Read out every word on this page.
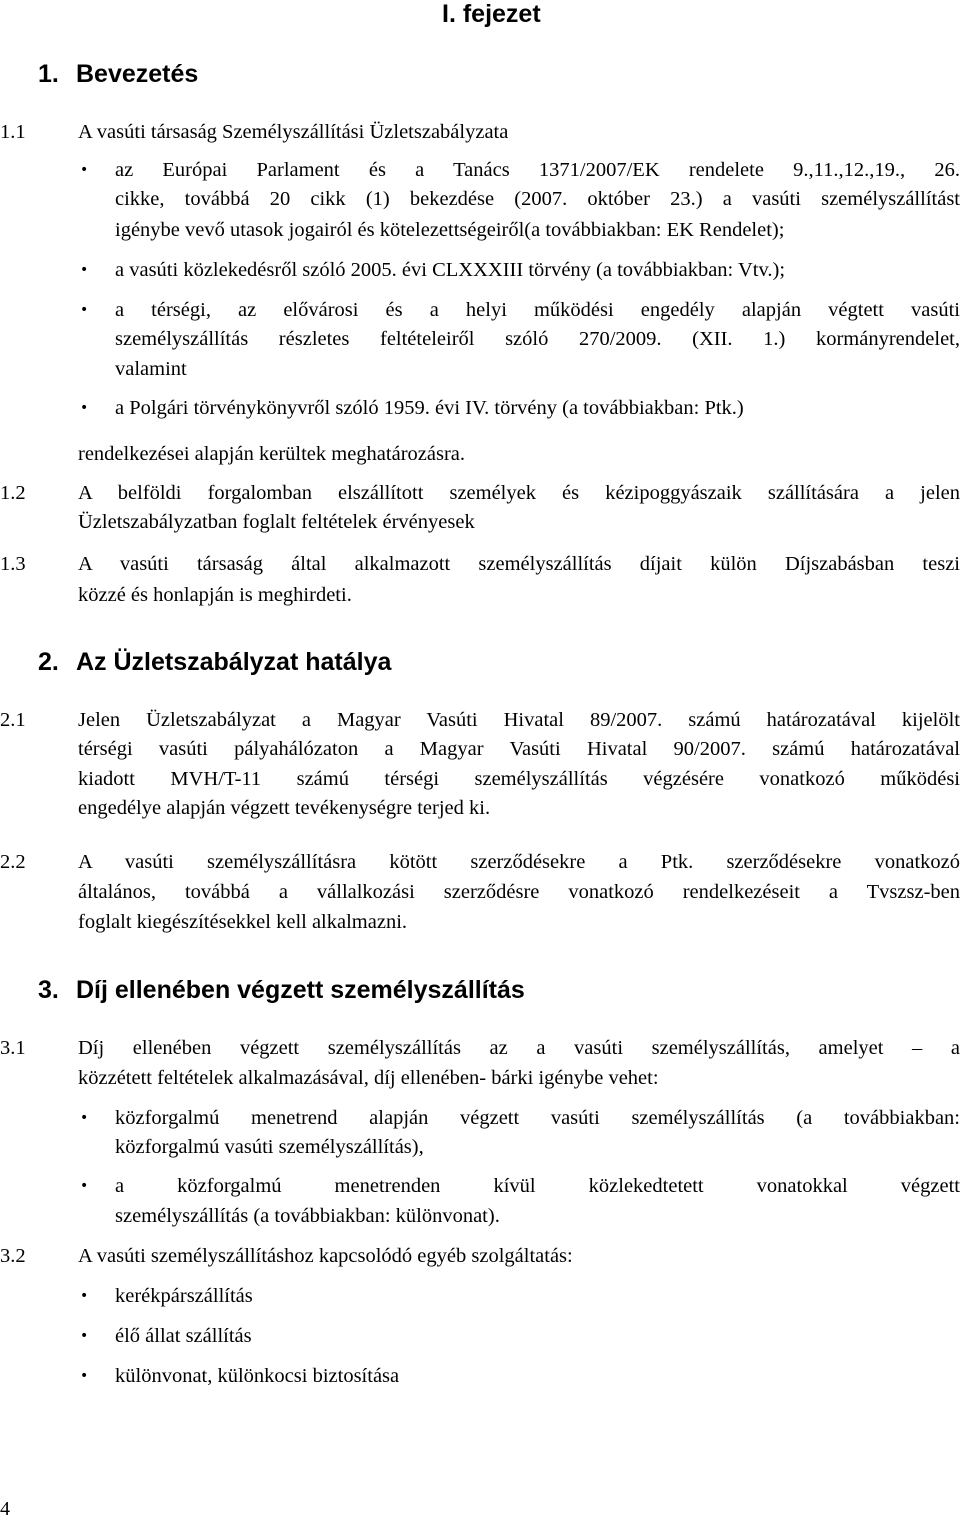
I. fejezet
1. Bevezetés
1.1	A vasúti társaság Személyszállítási Üzletszabályzata
• az Európai Parlament és a Tanács 1371/2007/EK rendelete 9.,11.,12.,19., 26.
cikke, továbbá 20 cikk (1) bekezdése (2007. október 23.) a vasúti személyszállítást
igénybe vevő utasok jogairól és kötelezettségeiről(a továbbiakban: EK Rendelet);
• a vasúti közlekedésről szóló 2005. évi CLXXXIII törvény (a továbbiakban: Vtv.);
• a térségi, az elővárosi és a helyi működési engedély alapján végtett vasúti
személyszállítás részletes feltételeiről szóló 270/2009. (XII. 1.) kormányrendelet,
valamint
• a Polgári törvénykönyvről szóló 1959. évi IV. törvény (a továbbiakban: Ptk.)
rendelkezései alapján kerültek meghatározásra.
1.2	A belföldi forgalomban elszállított személyek és kézipoggyászaik szállítására a jelen
Üzletszabályzatban foglalt feltételek érvényesek
1.3	A vasúti társaság által alkalmazott személyszállítás díjait külön Díjszabásban teszi
közzé és honlapján is meghirdeti.
2. Az Üzletszabályzat hatálya
2.1	Jelen Üzletszabályzat a Magyar Vasúti Hivatal 89/2007. számú határozatával kijelölt
térségi vasúti pályahálózaton a Magyar Vasúti Hivatal 90/2007. számú határozatával
kiadott MVH/T-11 számú térségi személyszállítás végzésére vonatkozó működési
engedélye alapján végzett tevékenységre terjed ki.
2.2	A vasúti személyszállításra kötött szerződésekre a Ptk. szerződésekre vonatkozó
általános, továbbá a vállalkozási szerződésre vonatkozó rendelkezéseit a Tvszsz-ben
foglalt kiegészítésekkel kell alkalmazni.
3. Díj ellenében végzett személyszállítás
3.1	Díj ellenében végzett személyszállítás az a vasúti személyszállítás, amelyet – a
közzétett feltételek alkalmazásával, díj ellenében- bárki igénybe vehet:
• közforgalmú menetrend alapján végzett vasúti személyszállítás (a továbbiakban:
közforgalmú vasúti személyszállítás),
• a közforgalmú menetrenden kívül közlekedtetett vonatokkal végzett
személyszállítás (a továbbiakban: különvonat).
3.2	A vasúti személyszállításhoz kapcsolódó egyéb szolgáltatás:
• kerékpárszállítás
• élő állat szállítás
• különvonat, különkocsi biztosítása
4
